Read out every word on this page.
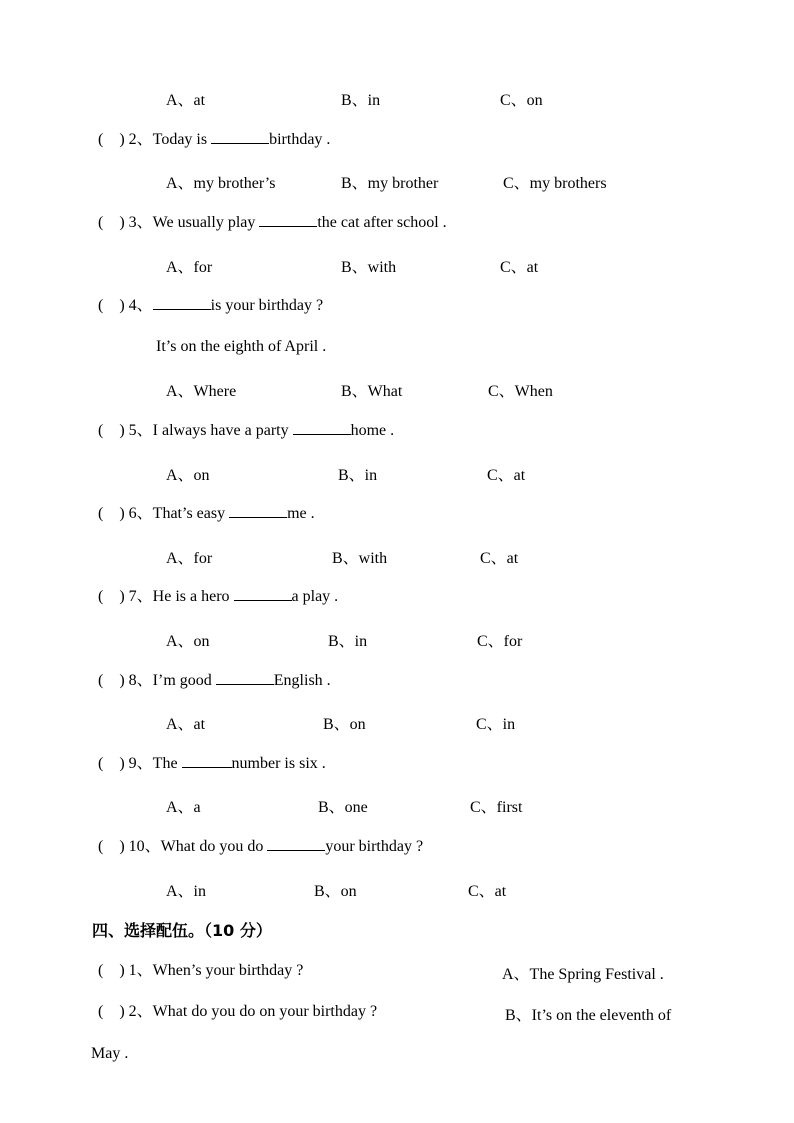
A、at	B、in	C、on
(    ) 2、Today is	birthday .
A、my brother’s	B、my brother	C、my brothers
(    ) 3、We usually play	the cat after school .
A、for	B、with	C、at
(    ) 4、	is your birthday ?
It’s on the eighth of April .
A、Where	B、What	C、When
(    ) 5、I always have a party	home .
A、on	B、in	C、at
(    ) 6、That’s easy	me .
A、for	B、with	C、at
(    ) 7、He is a hero	a play .
A、on	B、in	C、for
(    ) 8、I’m good	English .
A、at	B、on	C、in
(    ) 9、The	number is six .
A、a	B、one	C、first
(    ) 10、What do you do	your birthday ?
A、in	B、on	C、at
四、选择配伍。（10 分）
(    ) 1、When’s your birthday ?	A、The Spring Festival .
(    ) 2、What do you do on your birthday ?	B、It’s on the eleventh of
May .
